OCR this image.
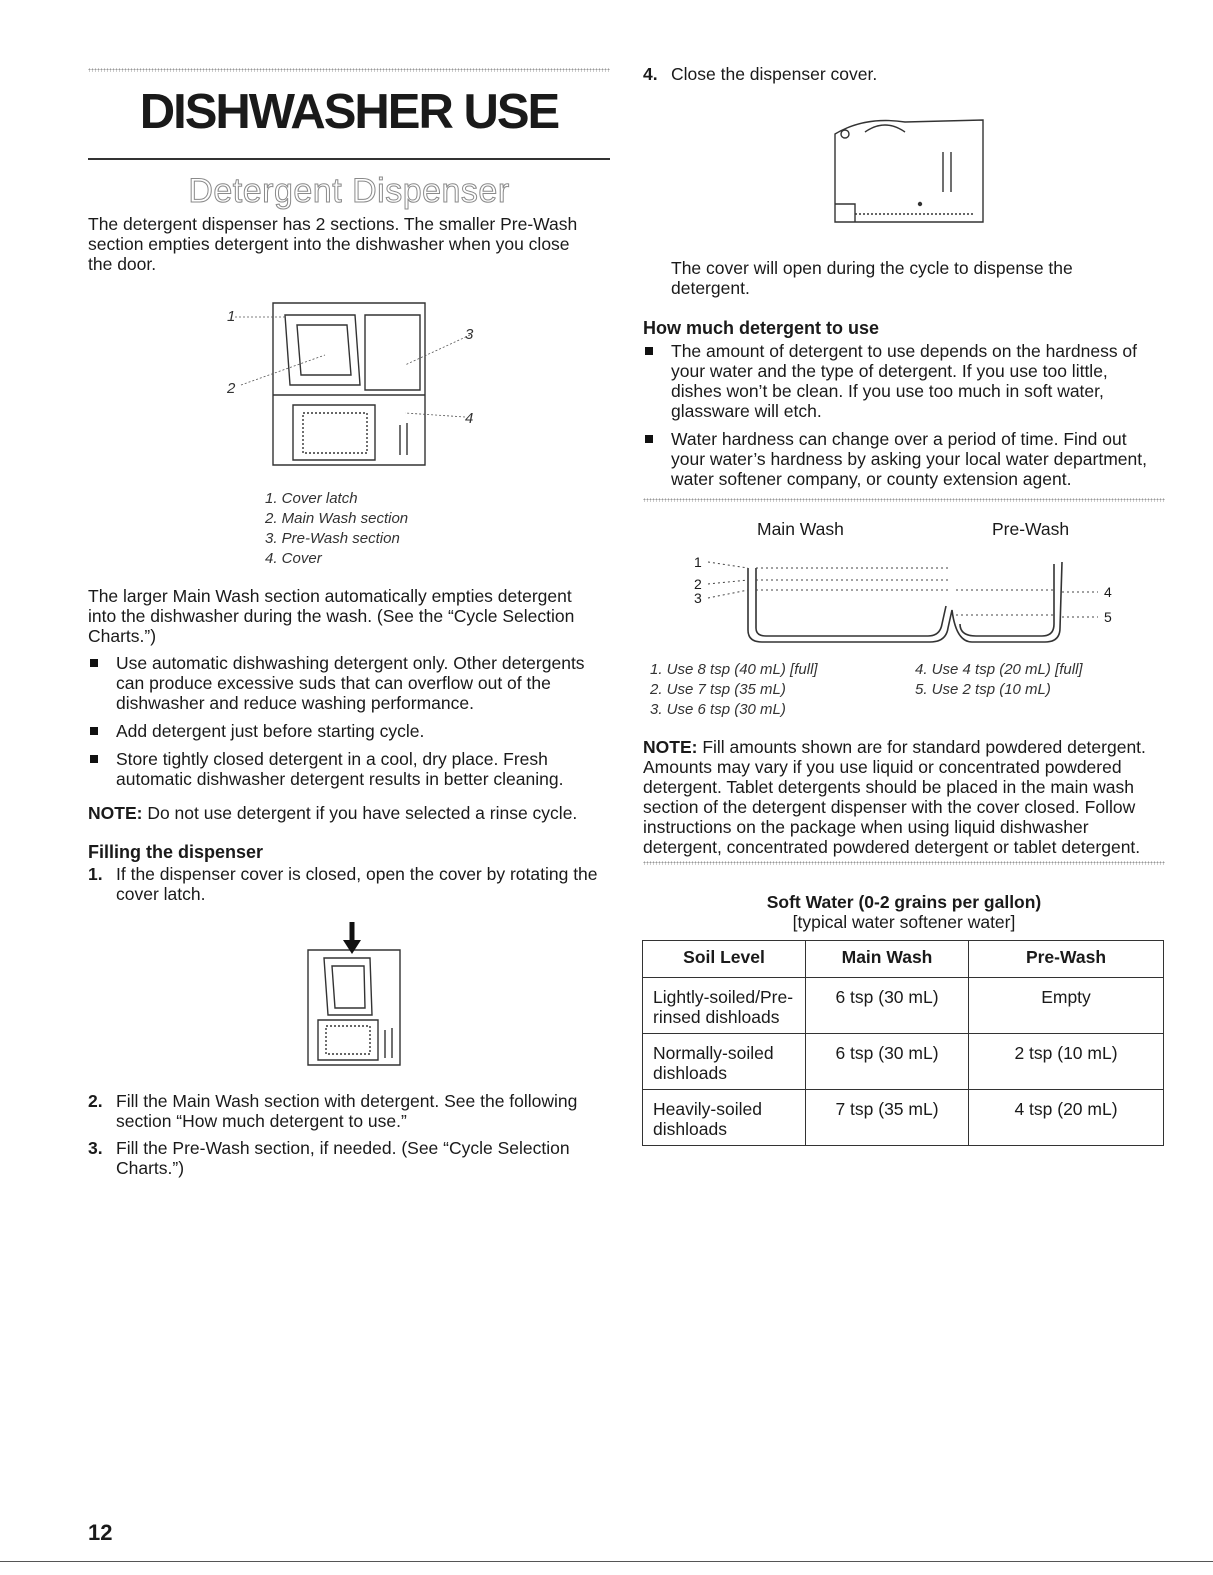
DISHWASHER USE
Detergent Dispenser

The detergent dispenser has 2 sections. The smaller Pre-Wash section empties detergent into the dishwasher when you close the door.

1
2
3
4
1. Cover latch
2. Main Wash section
3. Pre-Wash section
4. Cover

The larger Main Wash section automatically empties detergent into the dishwasher during the wash. (See the “Cycle Selection Charts.”)

Use automatic dishwashing detergent only. Other detergents can produce excessive suds that can overflow out of the dishwasher and reduce washing performance.
Add detergent just before starting cycle.
Store tightly closed detergent in a cool, dry place. Fresh automatic dishwasher detergent results in better cleaning.

NOTE: Do not use detergent if you have selected a rinse cycle.

Filling the dispenser
1. If the dispenser cover is closed, open the cover by rotating the cover latch.
2. Fill the Main Wash section with detergent. See the following section “How much detergent to use.”
3. Fill the Pre-Wash section, if needed. (See “Cycle Selection Charts.”)
4. Close the dispenser cover.

The cover will open during the cycle to dispense the detergent.

How much detergent to use
The amount of detergent to use depends on the hardness of your water and the type of detergent. If you use too little, dishes won’t be clean. If you use too much in soft water, glassware will etch.
Water hardness can change over a period of time. Find out your water’s hardness by asking your local water department, water softener company, or county extension agent.
Main Wash	Pre-Wash
1
2
3	4
5
1. Use 8 tsp (40 mL) [full]
2. Use 7 tsp (35 mL)
3. Use 6 tsp (30 mL)
4. Use 4 tsp (20 mL) [full]
5. Use 2 tsp (10 mL)

NOTE: Fill amounts shown are for standard powdered detergent. Amounts may vary if you use liquid or concentrated powdered detergent. Tablet detergents should be placed in the main wash section of the detergent dispenser with the cover closed. Follow instructions on the package when using liquid dishwasher detergent, concentrated powdered detergent or tablet detergent.

Soft Water (0-2 grains per gallon)
[typical water softener water]
Soil Level	Main Wash	Pre-Wash
Lightly-soiled/Pre-rinsed dishloads	6 tsp (30 mL)	Empty
Normally-soiled dishloads	6 tsp (30 mL)	2 tsp (10 mL)
Heavily-soiled dishloads	7 tsp (35 mL)	4 tsp (20 mL)
12
